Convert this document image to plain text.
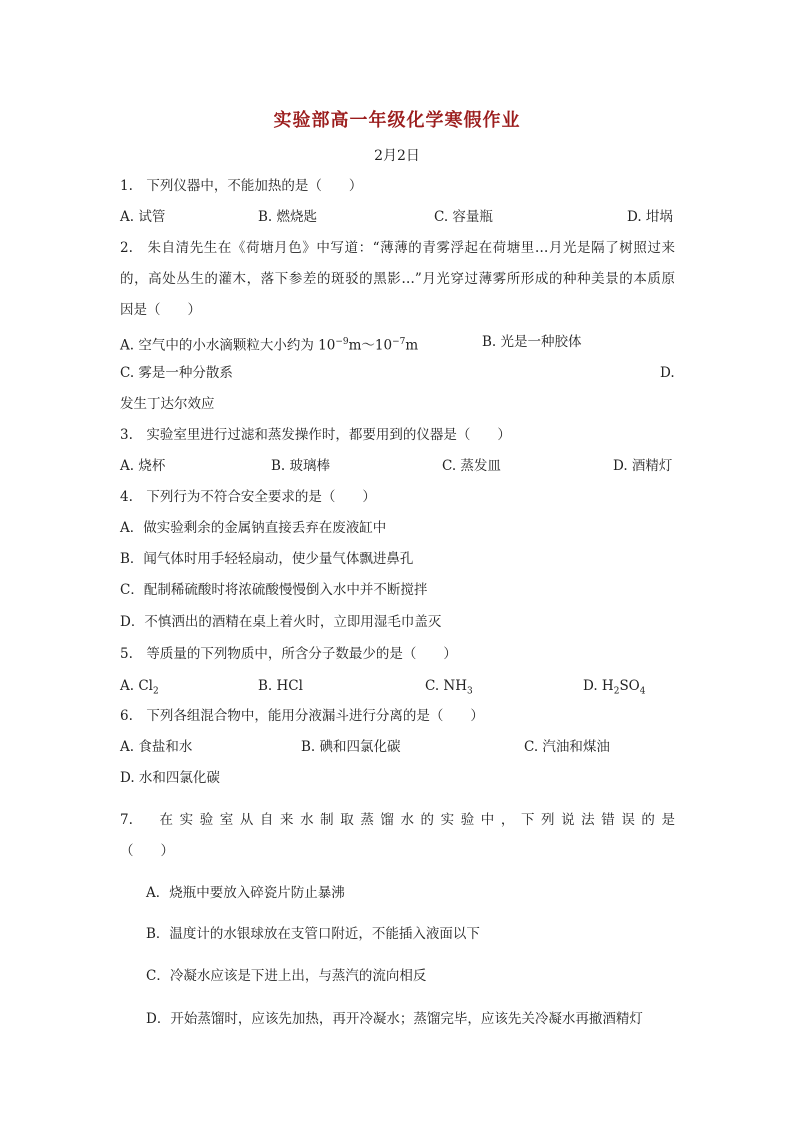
实验部高一年级化学寒假作业
2月2日
1.　下列仪器中，不能加热的是（　　）
A. 试管	B. 燃烧匙	C. 容量瓶	D. 坩埚
2.　朱自清先生在《荷塘月色》中写道：“薄薄的青雾浮起在荷塘里…月光是隔了树照过来
的，高处丛生的灌木，落下参差的斑驳的黑影…”月光穿过薄雾所形成的种种美景的本质原
因是（　　）
A. 空气中的小水滴颗粒大小约为 $10^{-9}m\sim 10^{-7}m$	B. 光是一种胶体
C. 雾是一种分散系	D.
发生丁达尔效应
3.　实验室里进行过滤和蒸发操作时，都要用到的仪器是（　　）
A. 烧杯	B. 玻璃棒	C. 蒸发皿	D. 酒精灯
4.　下列行为不符合安全要求的是（　　）
A．做实验剩余的金属钠直接丢弃在废液缸中
B．闻气体时用手轻轻扇动，使少量气体飘进鼻孔
C．配制稀硫酸时将浓硫酸慢慢倒入水中并不断搅拌
D．不慎洒出的酒精在桌上着火时，立即用湿毛巾盖灭
5.　等质量的下列物质中，所含分子数最少的是（　　）
A. $Cl_2$	B. HCl	C. $NH_3$	D. $H_2SO_4$
6.　下列各组混合物中，能用分液漏斗进行分离的是（　　）
A. 食盐和水	B. 碘和四氯化碳	C. 汽油和煤油
D. 水和四氯化碳
7.　在实验室从自来水制取蒸馏水的实验中，下列说法错误的是
（　　）
A．烧瓶中要放入碎瓷片防止暴沸
B．温度计的水银球放在支管口附近，不能插入液面以下
C．冷凝水应该是下进上出，与蒸汽的流向相反
D．开始蒸馏时，应该先加热，再开冷凝水；蒸馏完毕，应该先关冷凝水再撤酒精灯
